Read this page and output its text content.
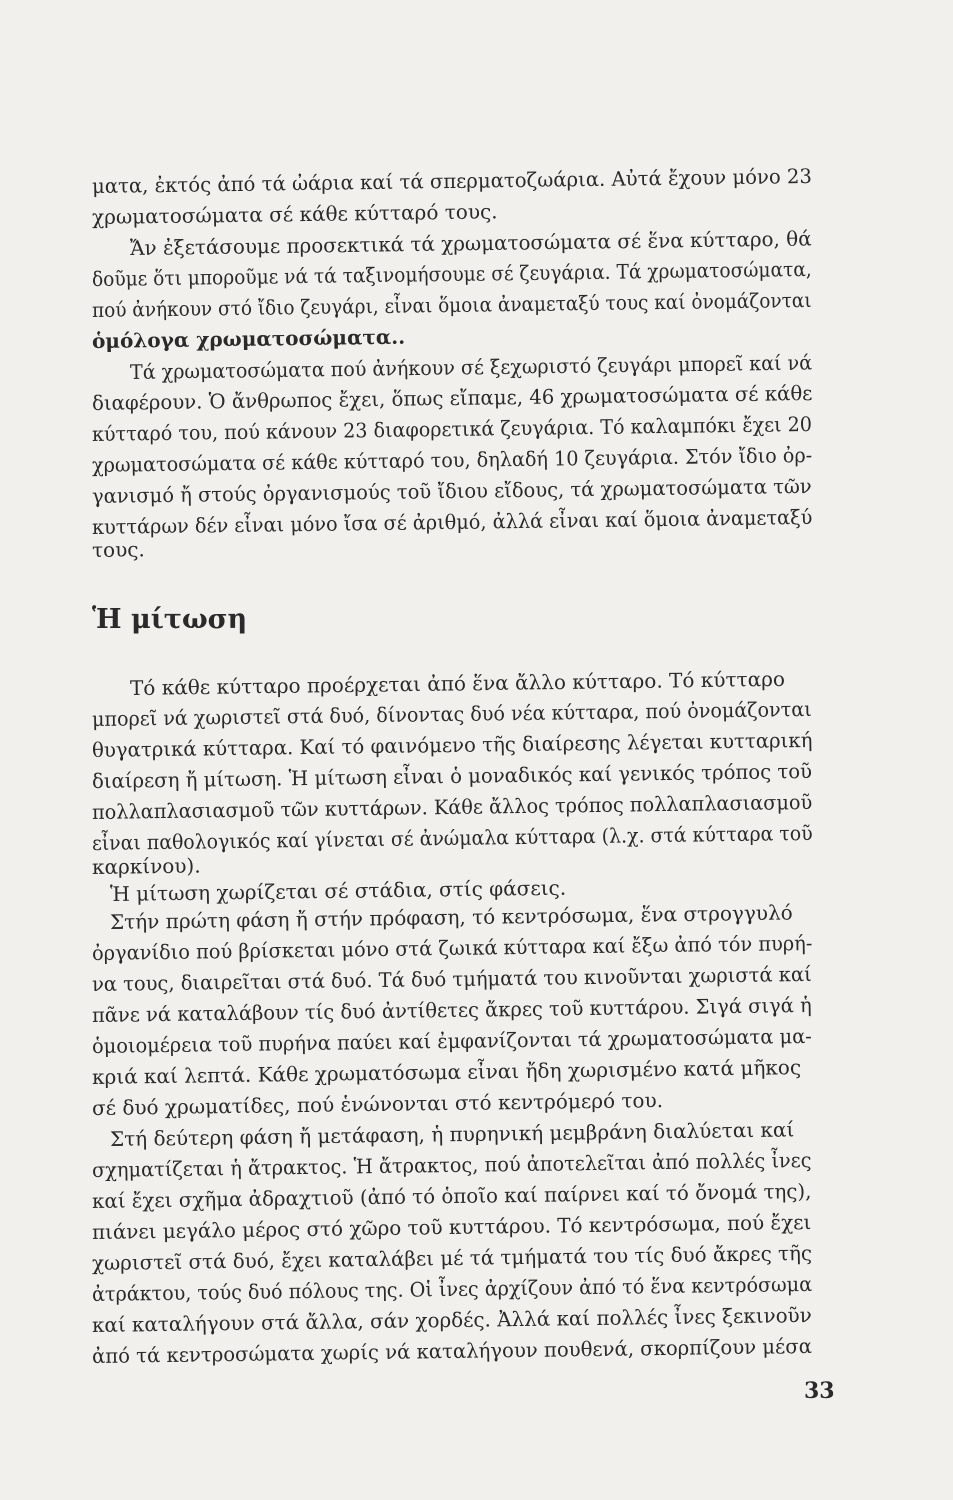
ματα, ἐκτός ἀπό τά ὠάρια καί τά σπερματοζωάρια. Αὐτά ἔχουν μόνο 23
χρωματοσώματα σέ κάθε κύτταρό τους.
Ἄν ἐξετάσουμε προσεκτικά τά χρωματοσώματα σέ ἕνα κύτταρο, θά
δοῦμε ὅτι μποροῦμε νά τά ταξινομήσουμε σέ ζευγάρια. Τά χρωματοσώματα,
πού ἀνήκουν στό ἴδιο ζευγάρι, εἶναι ὅμοια ἀναμεταξύ τους καί ὀνομάζονται
ὁμόλογα χρωματοσώματα..
Τά χρωματοσώματα πού ἀνήκουν σέ ξεχωριστό ζευγάρι μπορεῖ καί νά
διαφέρουν. Ὁ ἄνθρωπος ἔχει, ὅπως εἴπαμε, 46 χρωματοσώματα σέ κάθε
κύτταρό του, πού κάνουν 23 διαφορετικά ζευγάρια. Τό καλαμπόκι ἔχει 20
χρωματοσώματα σέ κάθε κύτταρό του, δηλαδή 10 ζευγάρια. Στόν ἴδιο ὀρ-
γανισμό ἤ στούς ὀργανισμούς τοῦ ἴδιου εἴδους, τά χρωματοσώματα τῶν
κυττάρων δέν εἶναι μόνο ἴσα σέ ἀριθμό, ἀλλά εἶναι καί ὅμοια ἀναμεταξύ
τους.
Ἡ μίτωση
Τό κάθε κύτταρο προέρχεται ἀπό ἕνα ἄλλο κύτταρο. Τό κύτταρο
μπορεῖ νά χωριστεῖ στά δυό, δίνοντας δυό νέα κύτταρα, πού ὀνομάζονται
θυγατρικά κύτταρα. Καί τό φαινόμενο τῆς διαίρεσης λέγεται κυτταρική
διαίρεση ἤ μίτωση. Ἡ μίτωση εἶναι ὁ μοναδικός καί γενικός τρόπος τοῦ
πολλαπλασιασμοῦ τῶν κυττάρων. Κάθε ἄλλος τρόπος πολλαπλασιασμοῦ
εἶναι παθολογικός καί γίνεται σέ ἀνώμαλα κύτταρα (λ.χ. στά κύτταρα τοῦ
καρκίνου).
Ἡ μίτωση χωρίζεται σέ στάδια, στίς φάσεις.
Στήν πρώτη φάση ἤ στήν πρόφαση, τό κεντρόσωμα, ἕνα στρογγυλό
ὀργανίδιο πού βρίσκεται μόνο στά ζωικά κύτταρα καί ἔξω ἀπό τόν πυρή-
να τους, διαιρεῖται στά δυό. Τά δυό τμήματά του κινοῦνται χωριστά καί
πᾶνε νά καταλάβουν τίς δυό ἀντίθετες ἄκρες τοῦ κυττάρου. Σιγά σιγά ἡ
ὁμοιομέρεια τοῦ πυρήνα παύει καί ἐμφανίζονται τά χρωματοσώματα μα-
κριά καί λεπτά. Κάθε χρωματόσωμα εἶναι ἤδη χωρισμένο κατά μῆκος
σέ δυό χρωματίδες, πού ἑνώνονται στό κεντρόμερό του.
Στή δεύτερη φάση ἤ μετάφαση, ἡ πυρηνική μεμβράνη διαλύεται καί
σχηματίζεται ἡ ἄτρακτος. Ἡ ἄτρακτος, πού ἀποτελεῖται ἀπό πολλές ἶνες
καί ἔχει σχῆμα ἀδραχτιοῦ (ἀπό τό ὁποῖο καί παίρνει καί τό ὄνομά της),
πιάνει μεγάλο μέρος στό χῶρο τοῦ κυττάρου. Τό κεντρόσωμα, πού ἔχει
χωριστεῖ στά δυό, ἔχει καταλάβει μέ τά τμήματά του τίς δυό ἄκρες τῆς
ἀτράκτου, τούς δυό πόλους της. Οἱ ἶνες ἀρχίζουν ἀπό τό ἕνα κεντρόσωμα
καί καταλήγουν στά ἄλλα, σάν χορδές. Ἀλλά καί πολλές ἶνες ξεκινοῦν
ἀπό τά κεντροσώματα χωρίς νά καταλήγουν πουθενά, σκορπίζουν μέσα
33
